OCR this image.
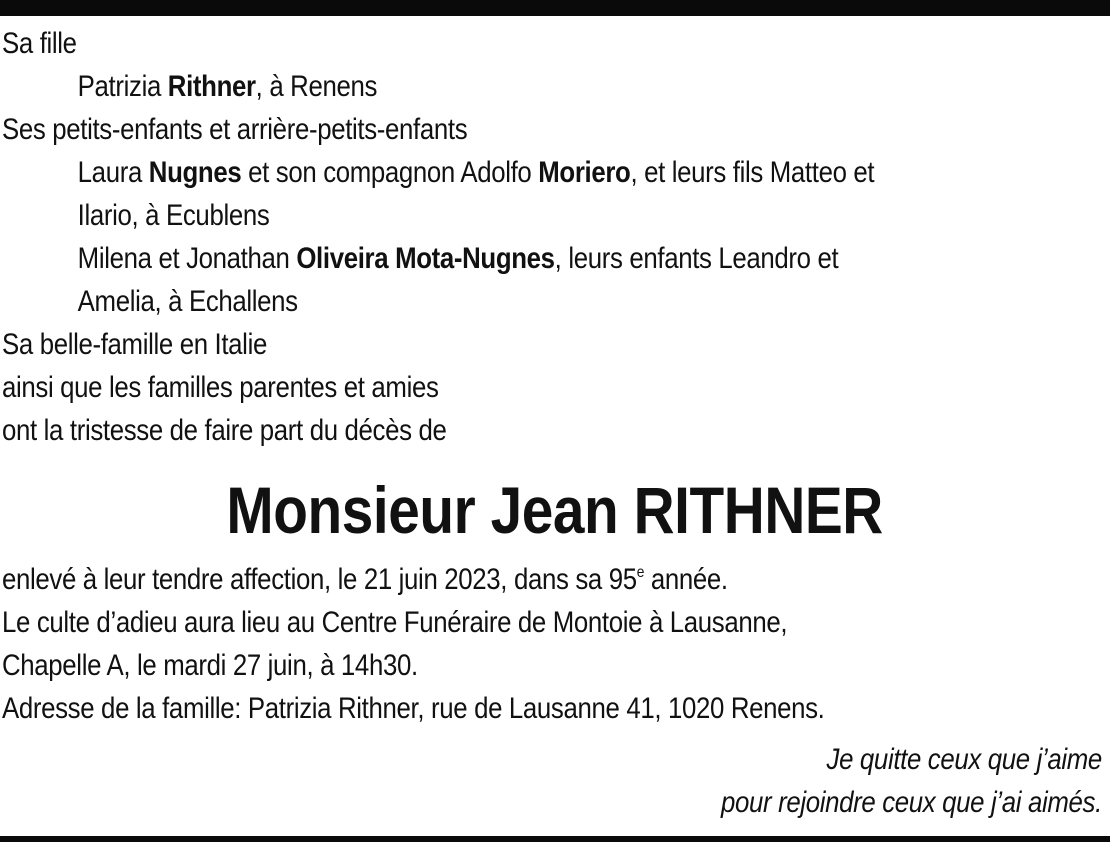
Sa fille
Patrizia Rithner, à Renens
Ses petits-enfants et arrière-petits-enfants
Laura Nugnes et son compagnon Adolfo Moriero, et leurs fils Matteo et
Ilario, à Ecublens
Milena et Jonathan Oliveira Mota-Nugnes, leurs enfants Leandro et
Amelia, à Echallens
Sa belle-famille en Italie
ainsi que les familles parentes et amies
ont la tristesse de faire part du décès de
Monsieur Jean RITHNER
enlevé à leur tendre affection, le 21 juin 2023, dans sa 95e année.
Le culte d’adieu aura lieu au Centre Funéraire de Montoie à Lausanne,
Chapelle A, le mardi 27 juin, à 14h30.
Adresse de la famille: Patrizia Rithner, rue de Lausanne 41, 1020 Renens.
Je quitte ceux que j’aime
pour rejoindre ceux que j’ai aimés.
